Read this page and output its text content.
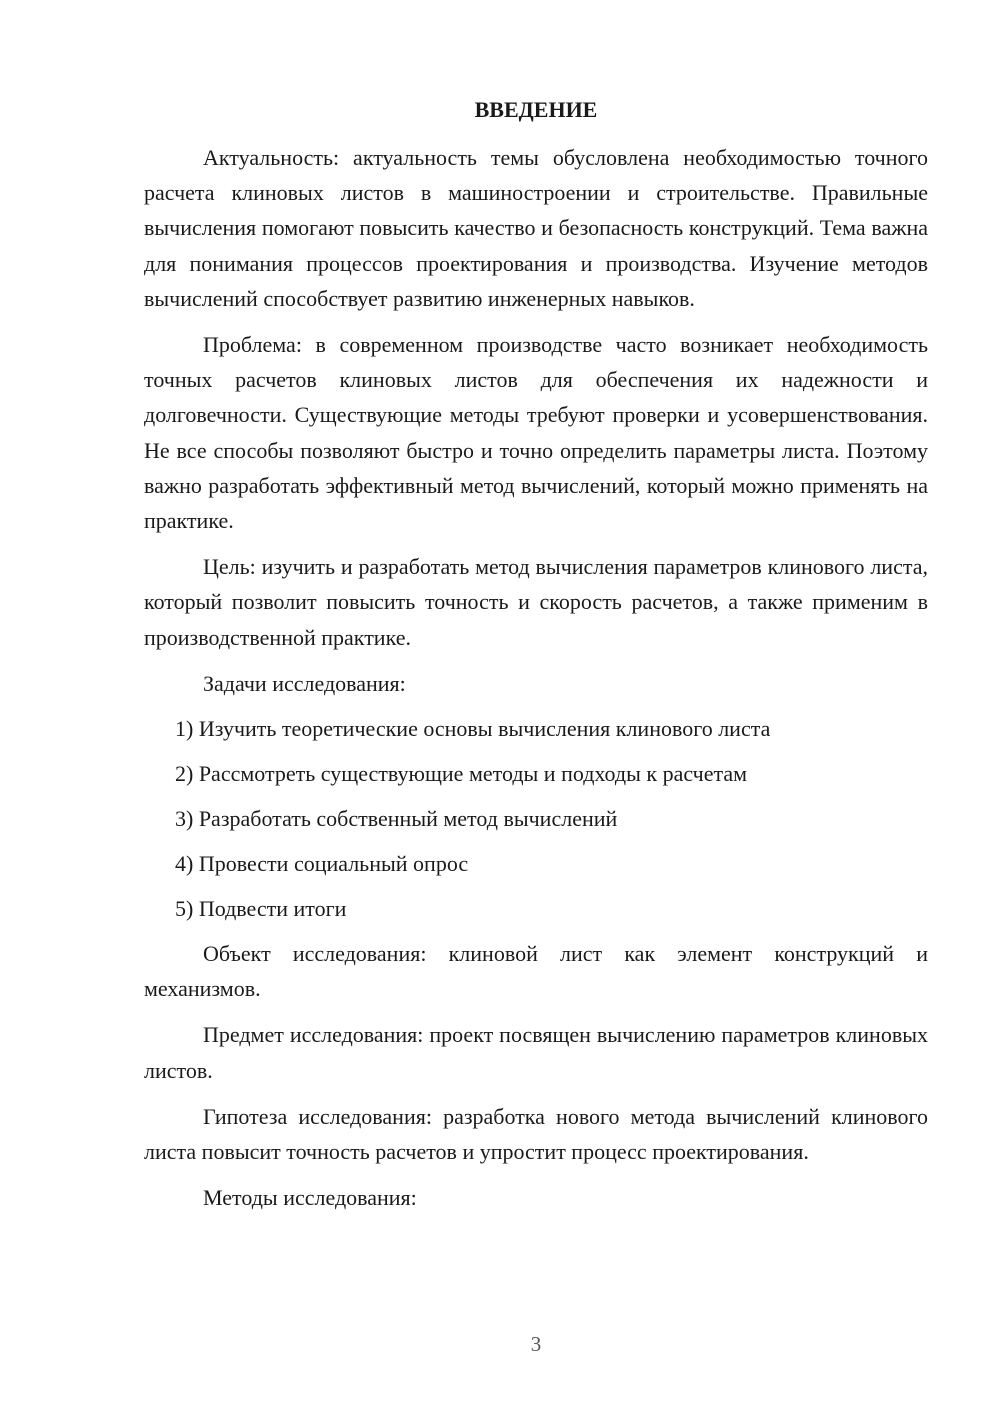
ВВЕДЕНИЕ

Актуальность: актуальность темы обусловлена необходимостью точного расчета клиновых листов в машиностроении и строительстве. Правильные вычисления помогают повысить качество и безопасность конструкций. Тема важна для понимания процессов проектирования и производства. Изучение методов вычислений способствует развитию инженерных навыков.

Проблема: в современном производстве часто возникает необходимость точных расчетов клиновых листов для обеспечения их надежности и долговечности. Существующие методы требуют проверки и усовершенствования. Не все способы позволяют быстро и точно определить параметры листа. Поэтому важно разработать эффективный метод вычислений, который можно применять на практике.

Цель: изучить и разработать метод вычисления параметров клинового листа, который позволит повысить точность и скорость расчетов, а также применим в производственной практике.

Задачи исследования:

1) Изучить теоретические основы вычисления клинового листа
2) Рассмотреть существующие методы и подходы к расчетам
3) Разработать собственный метод вычислений
4) Провести социальный опрос
5) Подвести итоги

Объект исследования: клиновой лист как элемент конструкций и механизмов.

Предмет исследования: проект посвящен вычислению параметров клиновых листов.

Гипотеза исследования: разработка нового метода вычислений клинового листа повысит точность расчетов и упростит процесс проектирования.

Методы исследования:

3
